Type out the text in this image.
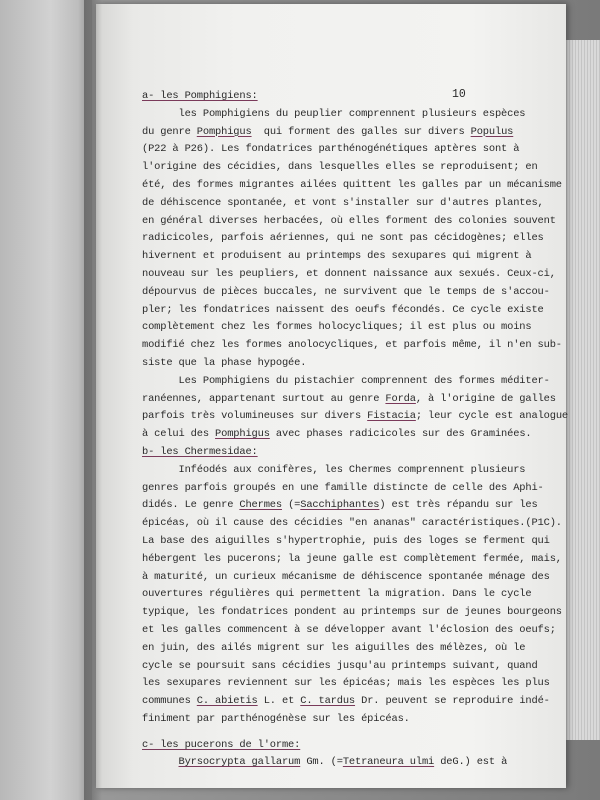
10
a- les Pomphigiens:
les Pomphigiens du peuplier comprennent plusieurs espèces
du genre Pomphigus  qui forment des galles sur divers Populus
(P22 à P26). Les fondatrices parthénogénétiques aptères sont à
l'origine des cécidies, dans lesquelles elles se reproduisent; en
été, des formes migrantes ailées quittent les galles par un mécanisme
de déhiscence spontanée, et vont s'installer sur d'autres plantes,
en général diverses herbacées, où elles forment des colonies souvent
radicicoles, parfois aériennes, qui ne sont pas cécidogènes; elles
hivernent et produisent au printemps des sexupares qui migrent à
nouveau sur les peupliers, et donnent naissance aux sexués. Ceux-ci,
dépourvus de pièces buccales, ne survivent que le temps de s'accou-
pler; les fondatrices naissent des oeufs fécondés. Ce cycle existe
complètement chez les formes holocycliques; il est plus ou moins
modifié chez les formes anolocycliques, et parfois même, il n'en sub-
siste que la phase hypogée.
Les Pomphigiens du pistachier comprennent des formes méditer-
ranéennes, appartenant surtout au genre Forda, à l'origine de galles
parfois très volumineuses sur divers Fistacia; leur cycle est analogue
à celui des Pomphigus avec phases radicicoles sur des Graminées.
b- les Chermesidae:
Inféodés aux conifères, les Chermes comprennent plusieurs
genres parfois groupés en une famille distincte de celle des Aphi-
didés. Le genre Chermes (=Sacchiphantes) est très répandu sur les
épicéas, où il cause des cécidies "en ananas" caractéristiques.(P1C).
La base des aiguilles s'hypertrophie, puis des loges se ferment qui
hébergent les pucerons; la jeune galle est complètement fermée, mais,
à maturité, un curieux mécanisme de déhiscence spontanée ménage des
ouvertures régulières qui permettent la migration. Dans le cycle
typique, les fondatrices pondent au printemps sur de jeunes bourgeons
et les galles commencent à se développer avant l'éclosion des oeufs;
en juin, des ailés migrent sur les aiguilles des mélèzes, où le
cycle se poursuit sans cécidies jusqu'au printemps suivant, quand
les sexupares reviennent sur les épicéas; mais les espèces les plus
communes C. abietis L. et C. tardus Dr. peuvent se reproduire indé-
finiment par parthénogénèse sur les épicéas.
c- les pucerons de l'orme:
Byrsocrypta gallarum Gm. (=Tetraneura ulmi deG.) est à
